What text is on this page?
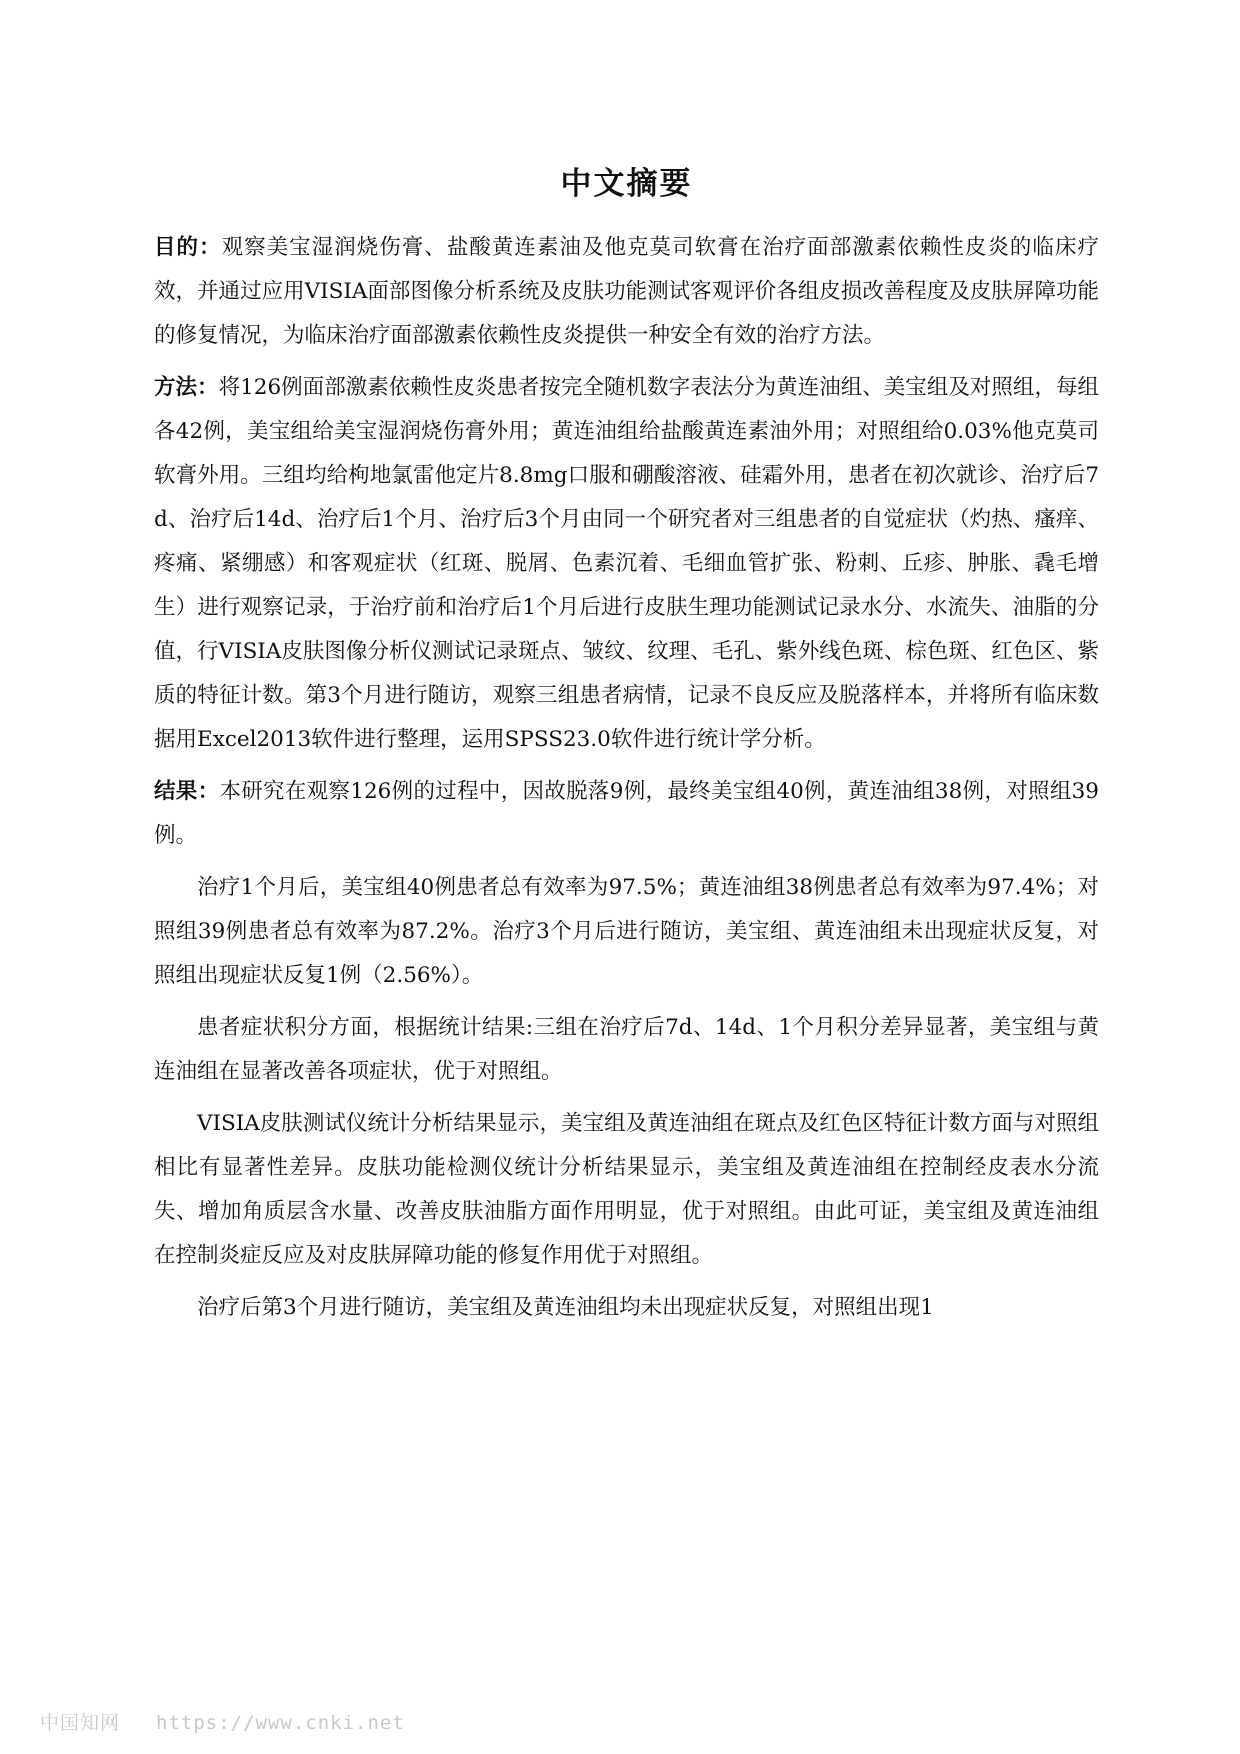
中文摘要

目的：观察美宝湿润烧伤膏、盐酸黄连素油及他克莫司软膏在治疗面部激素依赖性皮炎的临床疗效，并通过应用VISIA面部图像分析系统及皮肤功能测试客观评价各组皮损改善程度及皮肤屏障功能的修复情况，为临床治疗面部激素依赖性皮炎提供一种安全有效的治疗方法。

方法：将126例面部激素依赖性皮炎患者按完全随机数字表法分为黄连油组、美宝组及对照组，每组各42例，美宝组给美宝湿润烧伤膏外用；黄连油组给盐酸黄连素油外用；对照组给0.03%他克莫司软膏外用。三组均给枸地氯雷他定片8.8mg口服和硼酸溶液、硅霜外用，患者在初次就诊、治疗后7d、治疗后14d、治疗后1个月、治疗后3个月由同一个研究者对三组患者的自觉症状（灼热、瘙痒、疼痛、紧绷感）和客观症状（红斑、脱屑、色素沉着、毛细血管扩张、粉刺、丘疹、肿胀、毳毛增生）进行观察记录，于治疗前和治疗后1个月后进行皮肤生理功能测试记录水分、水流失、油脂的分值，行VISIA皮肤图像分析仪测试记录斑点、皱纹、纹理、毛孔、紫外线色斑、棕色斑、红色区、紫质的特征计数。第3个月进行随访，观察三组患者病情，记录不良反应及脱落样本，并将所有临床数据用Excel2013软件进行整理，运用SPSS23.0软件进行统计学分析。

结果：本研究在观察126例的过程中，因故脱落9例，最终美宝组40例，黄连油组38例，对照组39例。

治疗1个月后，美宝组40例患者总有效率为97.5%；黄连油组38例患者总有效率为97.4%；对照组39例患者总有效率为87.2%。治疗3个月后进行随访，美宝组、黄连油组未出现症状反复，对照组出现症状反复1例（2.56%）。

患者症状积分方面，根据统计结果:三组在治疗后7d、14d、1个月积分差异显著，美宝组与黄连油组在显著改善各项症状，优于对照组。

VISIA皮肤测试仪统计分析结果显示，美宝组及黄连油组在斑点及红色区特征计数方面与对照组相比有显著性差异。皮肤功能检测仪统计分析结果显示，美宝组及黄连油组在控制经皮表水分流失、增加角质层含水量、改善皮肤油脂方面作用明显，优于对照组。由此可证，美宝组及黄连油组在控制炎症反应及对皮肤屏障功能的修复作用优于对照组。

治疗后第3个月进行随访，美宝组及黄连油组均未出现症状反复，对照组出现1

中国知网 https://www.cnki.net
